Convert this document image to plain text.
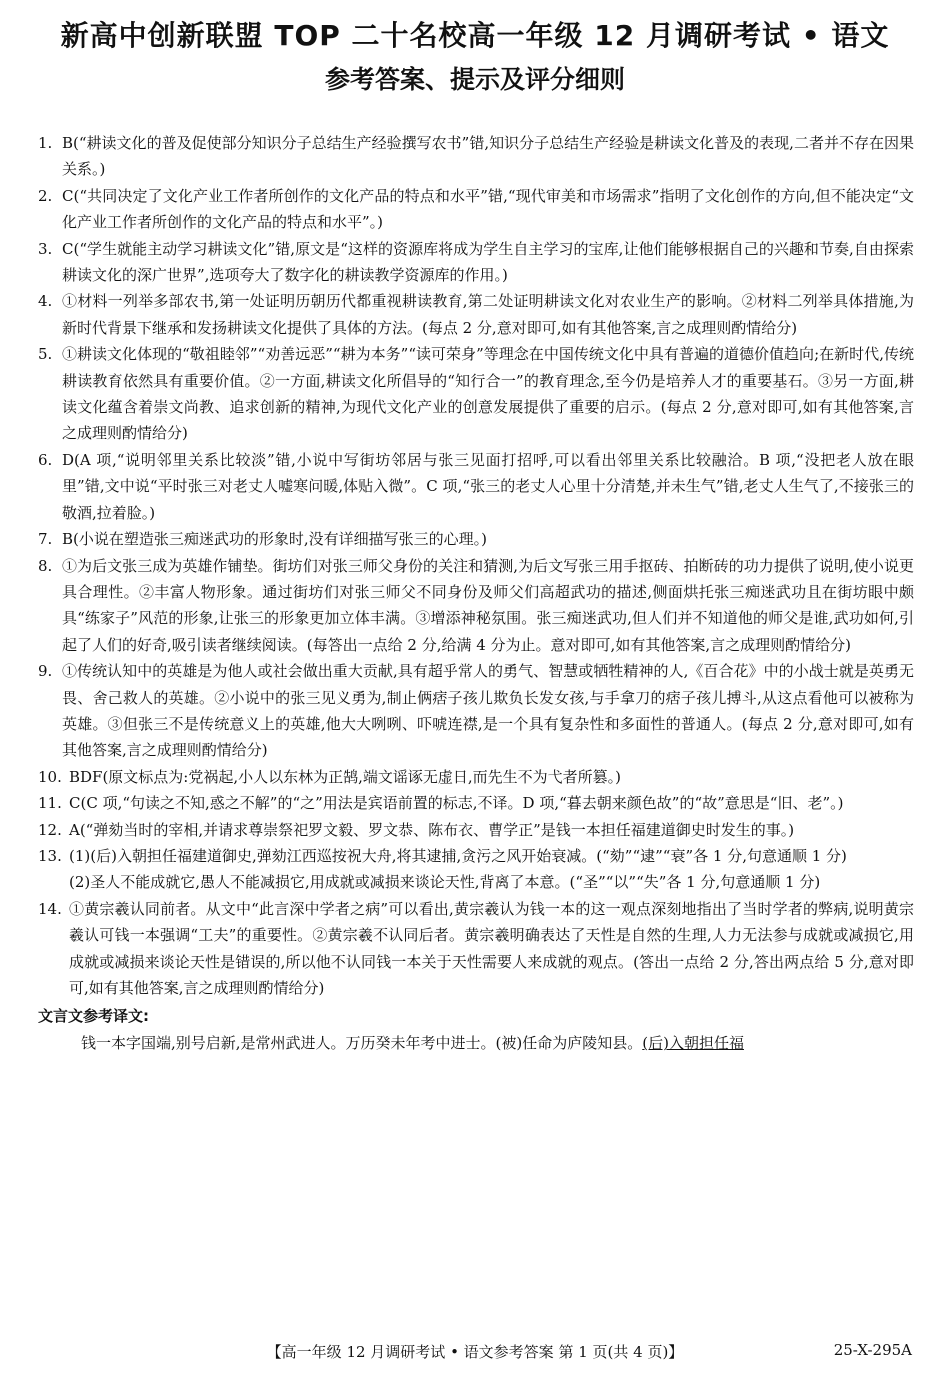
新高中创新联盟 TOP 二十名校高一年级 12 月调研考试 • 语文
参考答案、提示及评分细则
1. B(“耕读文化的普及促使部分知识分子总结生产经验撰写农书”错,知识分子总结生产经验是耕读文化普及的表现,二者并不存在因果关系。)
2. C(“共同决定了文化产业工作者所创作的文化产品的特点和水平”错,“现代审美和市场需求”指明了文化创作的方向,但不能决定“文化产业工作者所创作的文化产品的特点和水平”。)
3. C(“学生就能主动学习耕读文化”错,原文是“这样的资源库将成为学生自主学习的宝库,让他们能够根据自己的兴趣和节奏,自由探索耕读文化的深广世界”,选项夸大了数字化的耕读教学资源库的作用。)
4. ①材料一列举多部农书,第一处证明历朝历代都重视耕读教育,第二处证明耕读文化对农业生产的影响。②材料二列举具体措施,为新时代背景下继承和发扬耕读文化提供了具体的方法。(每点 2 分,意对即可,如有其他答案,言之成理则酌情给分)
5. ①耕读文化体现的“敬祖睦邻”“劝善远恶”“耕为本务”“读可荣身”等理念在中国传统文化中具有普遍的道德价值趋向;在新时代,传统耕读教育依然具有重要价值。②一方面,耕读文化所倡导的“知行合一”的教育理念,至今仍是培养人才的重要基石。③另一方面,耕读文化蕴含着崇文尚教、追求创新的精神,为现代文化产业的创意发展提供了重要的启示。(每点 2 分,意对即可,如有其他答案,言之成理则酌情给分)
6. D(A 项,“说明邻里关系比较淡”错,小说中写街坊邻居与张三见面打招呼,可以看出邻里关系比较融洽。B 项,“没把老人放在眼里”错,文中说“平时张三对老丈人嘘寒问暖,体贴入微”。C 项,“张三的老丈人心里十分清楚,并未生气”错,老丈人生气了,不接张三的敬酒,拉着脸。)
7. B(小说在塑造张三痴迷武功的形象时,没有详细描写张三的心理。)
8. ①为后文张三成为英雄作铺垫。街坊们对张三师父身份的关注和猜测,为后文写张三用手抠砖、拍断砖的功力提供了说明,使小说更具合理性。②丰富人物形象。通过街坊们对张三师父不同身份及师父们高超武功的描述,侧面烘托张三痴迷武功且在街坊眼中颇具“练家子”风范的形象,让张三的形象更加立体丰满。③增添神秘氛围。张三痴迷武功,但人们并不知道他的师父是谁,武功如何,引起了人们的好奇,吸引读者继续阅读。(每答出一点给 2 分,给满 4 分为止。意对即可,如有其他答案,言之成理则酌情给分)
9. ①传统认知中的英雄是为他人或社会做出重大贡献,具有超乎常人的勇气、智慧或牺牲精神的人,《百合花》中的小战士就是英勇无畏、舍己救人的英雄。②小说中的张三见义勇为,制止俩痞子孩儿欺负长发女孩,与手拿刀的痞子孩儿搏斗,从这点看他可以被称为英雄。③但张三不是传统意义上的英雄,他大大咧咧、吓唬连襟,是一个具有复杂性和多面性的普通人。(每点 2 分,意对即可,如有其他答案,言之成理则酌情给分)
10. BDF(原文标点为:党祸起,小人以东林为正鹄,端文谣诼无虚日,而先生不为弋者所篡。)
11. C(C 项,“句读之不知,惑之不解”的“之”用法是宾语前置的标志,不译。D 项,“暮去朝来颜色故”的“故”意思是“旧、老”。)
12. A(“弹劾当时的宰相,并请求尊崇祭祀罗文毅、罗文恭、陈布衣、曹学正”是钱一本担任福建道御史时发生的事。)
13. (1)(后)入朝担任福建道御史,弹劾江西巡按祝大舟,将其逮捕,贪污之风开始衰减。(“劾”“逮”“衰”各 1 分,句意通顺 1 分)
(2)圣人不能成就它,愚人不能减损它,用成就或减损来谈论天性,背离了本意。(“圣”“以”“失”各 1 分,句意通顺 1 分)
14. ①黄宗羲认同前者。从文中“此言深中学者之病”可以看出,黄宗羲认为钱一本的这一观点深刻地指出了当时学者的弊病,说明黄宗羲认可钱一本强调“工夫”的重要性。②黄宗羲不认同后者。黄宗羲明确表达了天性是自然的生理,人力无法参与成就或减损它,用成就或减损来谈论天性是错误的,所以他不认同钱一本关于天性需要人来成就的观点。(答出一点给 2 分,答出两点给 5 分,意对即可,如有其他答案,言之成理则酌情给分)
文言文参考译文:
钱一本字国端,别号启新,是常州武进人。万历癸未年考中进士。(被)任命为庐陵知县。(后)入朝担任福
【高一年级 12 月调研考试 • 语文参考答案 第 1 页(共 4 页)】	25-X-295A
